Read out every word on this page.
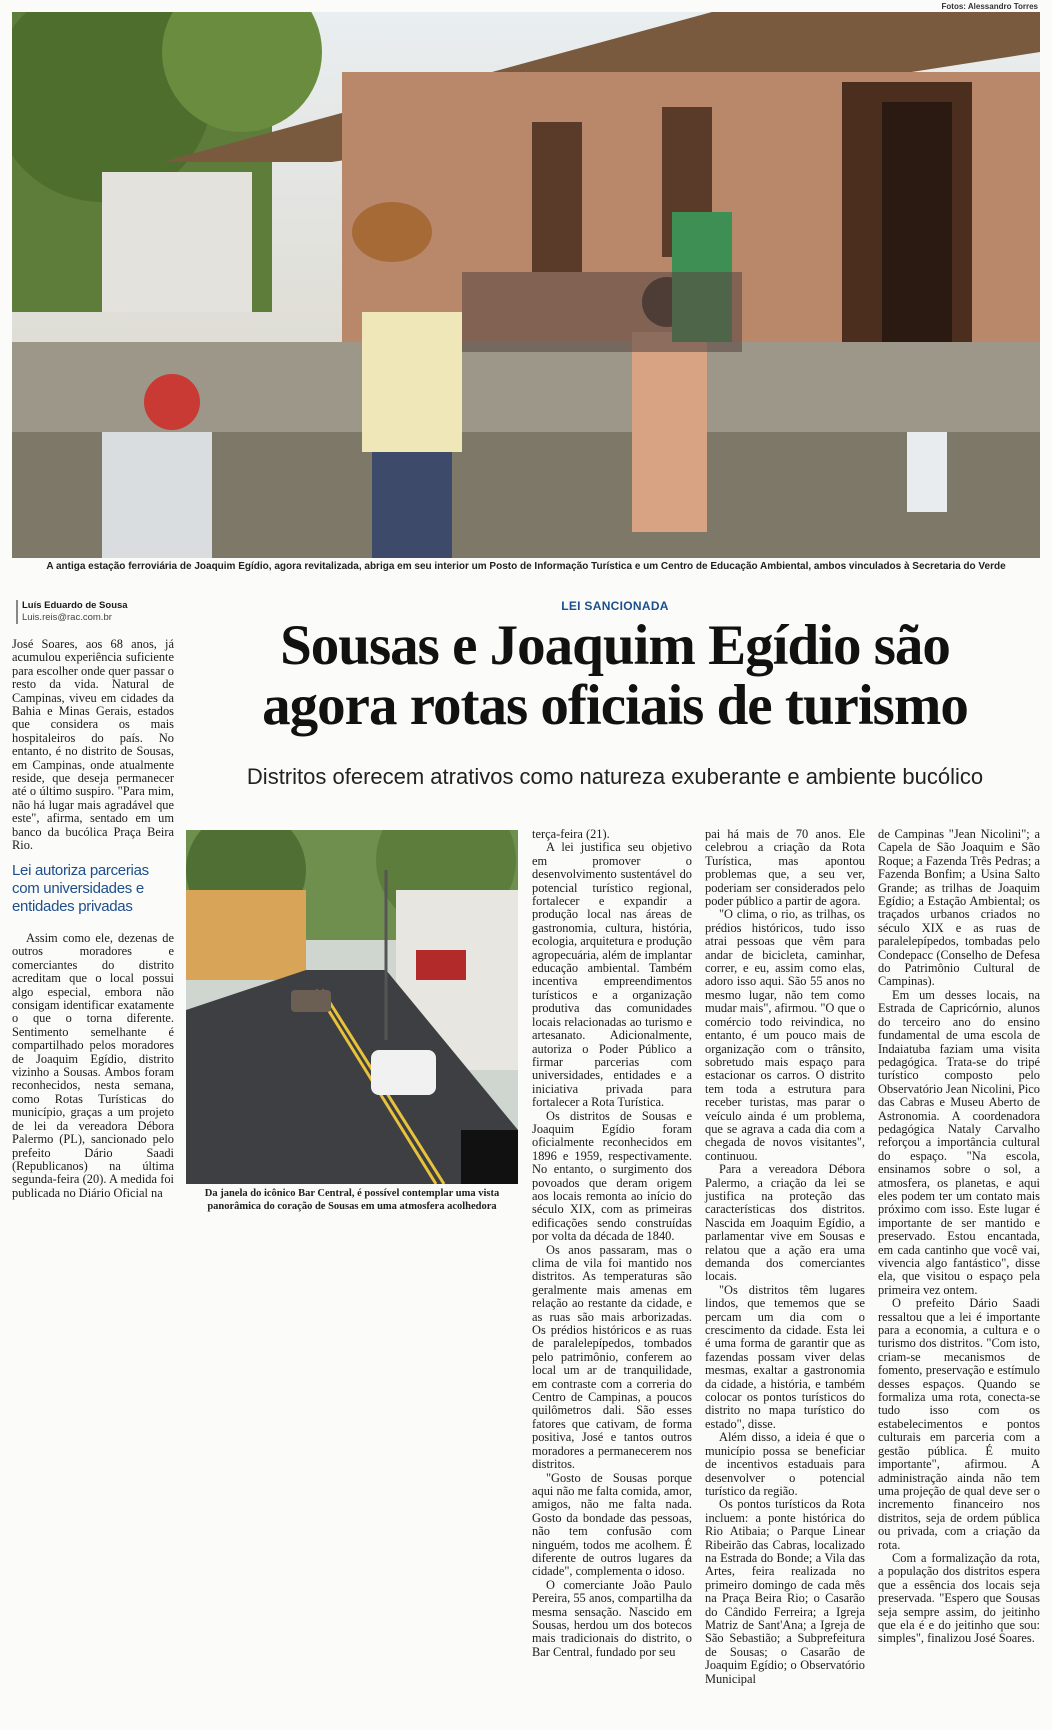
Fotos: Alessandro Torres
A antiga estação ferroviária de Joaquim Egídio, agora revitalizada, abriga em seu interior um Posto de Informação Turística e um Centro de Educação Ambiental, ambos vinculados à Secretaria do Verde
Luís Eduardo de Sousa
Luis.reis@rac.com.br

José Soares, aos 68 anos, já acumulou experiência suficiente para escolher onde quer passar o resto da vida. Natural de Campinas, viveu em cidades da Bahia e Minas Gerais, estados que considera os mais hospitaleiros do país. No entanto, é no distrito de Sousas, em Campinas, onde atualmente reside, que deseja permanecer até o último suspiro. "Para mim, não há lugar mais agradável que este", afirma, sentado em um banco da bucólica Praça Beira Rio.

Lei autoriza parcerias com universidades e entidades privadas

Assim como ele, dezenas de outros moradores e comerciantes do distrito acreditam que o local possui algo especial, embora não consigam identificar exatamente o que o torna diferente. Sentimento semelhante é compartilhado pelos moradores de Joaquim Egídio, distrito vizinho a Sousas. Ambos foram reconhecidos, nesta semana, como Rotas Turísticas do município, graças a um projeto de lei da vereadora Débora Palermo (PL), sancionado pelo prefeito Dário Saadi (Republicanos) na última segunda-feira (20). A medida foi publicada no Diário Oficial na

LEI SANCIONADA
Sousas e Joaquim Egídio são
agora rotas oficiais de turismo
Distritos oferecem atrativos como natureza exuberante e ambiente bucólico
Da janela do icônico Bar Central, é possível contemplar uma vista panorâmica do coração de Sousas em uma atmosfera acolhedora

terça-feira (21).

A lei justifica seu objetivo em promover o desenvolvimento sustentável do potencial turístico regional, fortalecer e expandir a produção local nas áreas de gastronomia, cultura, história, ecologia, arquitetura e produção agropecuária, além de implantar educação ambiental. Também incentiva empreendimentos turísticos e a organização produtiva das comunidades locais relacionadas ao turismo e artesanato. Adicionalmente, autoriza o Poder Público a firmar parcerias com universidades, entidades e a iniciativa privada para fortalecer a Rota Turística.

Os distritos de Sousas e Joaquim Egídio foram oficialmente reconhecidos em 1896 e 1959, respectivamente. No entanto, o surgimento dos povoados que deram origem aos locais remonta ao início do século XIX, com as primeiras edificações sendo construídas por volta da década de 1840.

Os anos passaram, mas o clima de vila foi mantido nos distritos. As temperaturas são geralmente mais amenas em relação ao restante da cidade, e as ruas são mais arborizadas. Os prédios históricos e as ruas de paralelepípedos, tombados pelo patrimônio, conferem ao local um ar de tranquilidade, em contraste com a correria do Centro de Campinas, a poucos quilômetros dali. São esses fatores que cativam, de forma positiva, José e tantos outros moradores a permanecerem nos distritos.

"Gosto de Sousas porque aqui não me falta comida, amor, amigos, não me falta nada. Gosto da bondade das pessoas, não tem confusão com ninguém, todos me acolhem. É diferente de outros lugares da cidade", complementa o idoso.

O comerciante João Paulo Pereira, 55 anos, compartilha da mesma sensação. Nascido em Sousas, herdou um dos botecos mais tradicionais do distrito, o Bar Central, fundado por seu

pai há mais de 70 anos. Ele celebrou a criação da Rota Turística, mas apontou problemas que, a seu ver, poderiam ser considerados pelo poder público a partir de agora.

"O clima, o rio, as trilhas, os prédios históricos, tudo isso atrai pessoas que vêm para andar de bicicleta, caminhar, correr, e eu, assim como elas, adoro isso aqui. São 55 anos no mesmo lugar, não tem como mudar mais", afirmou. "O que o comércio todo reivindica, no entanto, é um pouco mais de organização com o trânsito, sobretudo mais espaço para estacionar os carros. O distrito tem toda a estrutura para receber turistas, mas parar o veículo ainda é um problema, que se agrava a cada dia com a chegada de novos visitantes", continuou.

Para a vereadora Débora Palermo, a criação da lei se justifica na proteção das características dos distritos. Nascida em Joaquim Egídio, a parlamentar vive em Sousas e relatou que a ação era uma demanda dos comerciantes locais.

"Os distritos têm lugares lindos, que tememos que se percam um dia com o crescimento da cidade. Esta lei é uma forma de garantir que as fazendas possam viver delas mesmas, exaltar a gastronomia da cidade, a história, e também colocar os pontos turísticos do distrito no mapa turístico do estado", disse.

Além disso, a ideia é que o município possa se beneficiar de incentivos estaduais para desenvolver o potencial turístico da região.

Os pontos turísticos da Rota incluem: a ponte histórica do Rio Atibaia; o Parque Linear Ribeirão das Cabras, localizado na Estrada do Bonde; a Vila das Artes, feira realizada no primeiro domingo de cada mês na Praça Beira Rio; o Casarão do Cândido Ferreira; a Igreja Matriz de Sant'Ana; a Igreja de São Sebastião; a Subprefeitura de Sousas; o Casarão de Joaquim Egídio; o Observatório Municipal

de Campinas "Jean Nicolini"; a Capela de São Joaquim e São Roque; a Fazenda Três Pedras; a Fazenda Bonfim; a Usina Salto Grande; as trilhas de Joaquim Egídio; a Estação Ambiental; os traçados urbanos criados no século XIX e as ruas de paralelepípedos, tombadas pelo Condepacc (Conselho de Defesa do Patrimônio Cultural de Campinas).

Em um desses locais, na Estrada de Capricórnio, alunos do terceiro ano do ensino fundamental de uma escola de Indaiatuba faziam uma visita pedagógica. Trata-se do tripé turístico composto pelo Observatório Jean Nicolini, Pico das Cabras e Museu Aberto de Astronomia. A coordenadora pedagógica Nataly Carvalho reforçou a importância cultural do espaço. "Na escola, ensinamos sobre o sol, a atmosfera, os planetas, e aqui eles podem ter um contato mais próximo com isso. Este lugar é importante de ser mantido e preservado. Estou encantada, em cada cantinho que você vai, vivencia algo fantástico", disse ela, que visitou o espaço pela primeira vez ontem.

O prefeito Dário Saadi ressaltou que a lei é importante para a economia, a cultura e o turismo dos distritos. "Com isto, criam-se mecanismos de fomento, preservação e estímulo desses espaços. Quando se formaliza uma rota, conecta-se tudo isso com os estabelecimentos e pontos culturais em parceria com a gestão pública. É muito importante", afirmou. A administração ainda não tem uma projeção de qual deve ser o incremento financeiro nos distritos, seja de ordem pública ou privada, com a criação da rota.

Com a formalização da rota, a população dos distritos espera que a essência dos locais seja preservada. "Espero que Sousas seja sempre assim, do jeitinho que ela é e do jeitinho que sou: simples", finalizou José Soares.
